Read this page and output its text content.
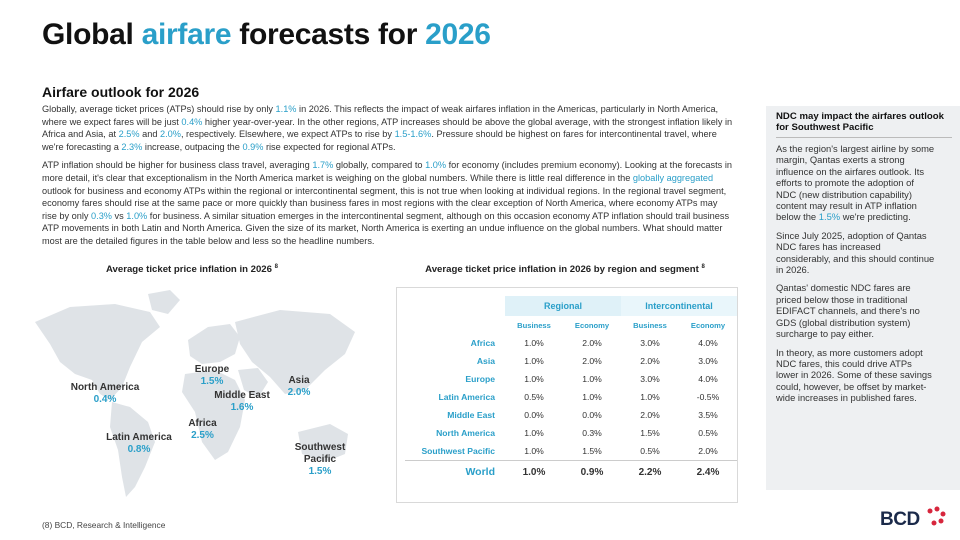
Global airfare forecasts for 2026
Airfare outlook for 2026

Globally, average ticket prices (ATPs) should rise by only 1.1% in 2026. This reflects the impact of weak airfares inflation in the Americas, particularly in North America, where we expect fares will be just 0.4% higher year-over-year. In the other regions, ATP increases should be above the global average, with the strongest inflation likely in Africa and Asia, at 2.5% and 2.0%, respectively. Elsewhere, we expect ATPs to rise by 1.5-1.6%. Pressure should be highest on fares for intercontinental travel, where we're forecasting a 2.3% increase, outpacing the 0.9% rise expected for regional ATPs.

ATP inflation should be higher for business class travel, averaging 1.7% globally, compared to 1.0% for economy (includes premium economy). Looking at the forecasts in more detail, it's clear that exceptionalism in the North America market is weighing on the global numbers. While there is little real difference in the globally aggregated outlook for business and economy ATPs within the regional or intercontinental segment, this is not true when looking at individual regions. In the regional travel segment, economy fares should rise at the same pace or more quickly than business fares in most regions with the clear exception of North America, where economy ATPs may rise by only 0.3% vs 1.0% for business. A similar situation emerges in the intercontinental segment, although on this occasion economy ATP inflation should trail business ATP movements in both Latin and North America. Given the size of its market, North America is exerting an undue influence on the global numbers. What should matter most are the detailed figures in the table below and less so the headline numbers.

Average ticket price inflation in 2026 $^8$	Average ticket price inflation in 2026 by region and segment $^8$
North America
0.4%
Latin America
0.8%
Europe
1.5%
Africa
2.5%
Middle East
1.6%
Asia
2.0%
Southwest Pacific
1.5%
	Regional		Intercontinental	
	Business	Economy	Business	Economy
Africa	1.0%	2.0%	3.0%	4.0%
Asia	1.0%	2.0%	2.0%	3.0%
Europe	1.0%	1.0%	3.0%	4.0%
Latin America	0.5%	1.0%	1.0%	-0.5%
Middle East	0.0%	0.0%	2.0%	3.5%
North America	1.0%	0.3%	1.5%	0.5%
Southwest Pacific	1.0%	1.5%	0.5%	2.0%
World	1.0%	0.9%	2.2%	2.4%
NDC may impact the airfares outlook for Southwest Pacific

As the region's largest airline by some margin, Qantas exerts a strong influence on the airfares outlook. Its efforts to promote the adoption of NDC (new distribution capability) content may result in ATP inflation below the 1.5% we're predicting.

Since July 2025, adoption of Qantas NDC fares has increased considerably, and this should continue in 2026.

Qantas' domestic NDC fares are priced below those in traditional EDIFACT channels, and there's no GDS (global distribution system) surcharge to pay either.

In theory, as more customers adopt NDC fares, this could drive ATPs lower in 2026. Some of these savings could, however, be offset by market-wide increases in published fares.

(8) BCD, Research & Intelligence	BCD
